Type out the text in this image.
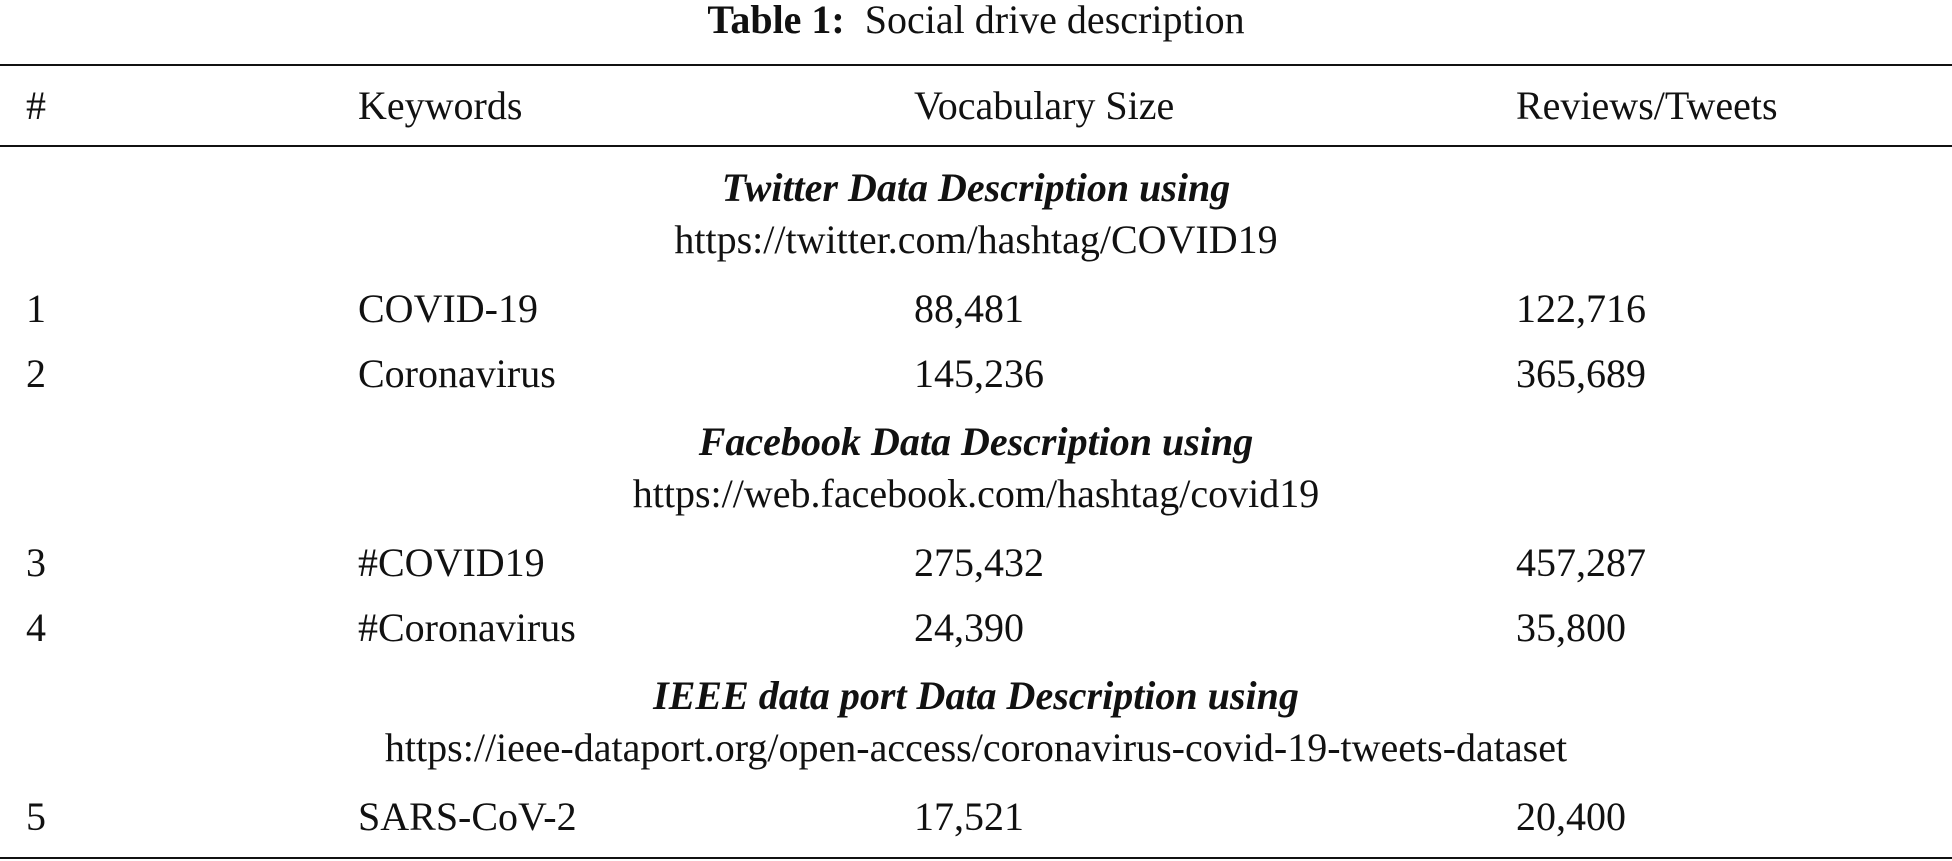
Table 1: Social drive description
#	Keywords	Vocabulary Size	Reviews/Tweets
Twitter Data Description using
https://twitter.com/hashtag/COVID19
1	COVID-19	88,481	122,716
2	Coronavirus	145,236	365,689
Facebook Data Description using
https://web.facebook.com/hashtag/covid19
3	#COVID19	275,432	457,287
4	#Coronavirus	24,390	35,800
IEEE data port Data Description using
https://ieee-dataport.org/open-access/coronavirus-covid-19-tweets-dataset
5	SARS-CoV-2	17,521	20,400
